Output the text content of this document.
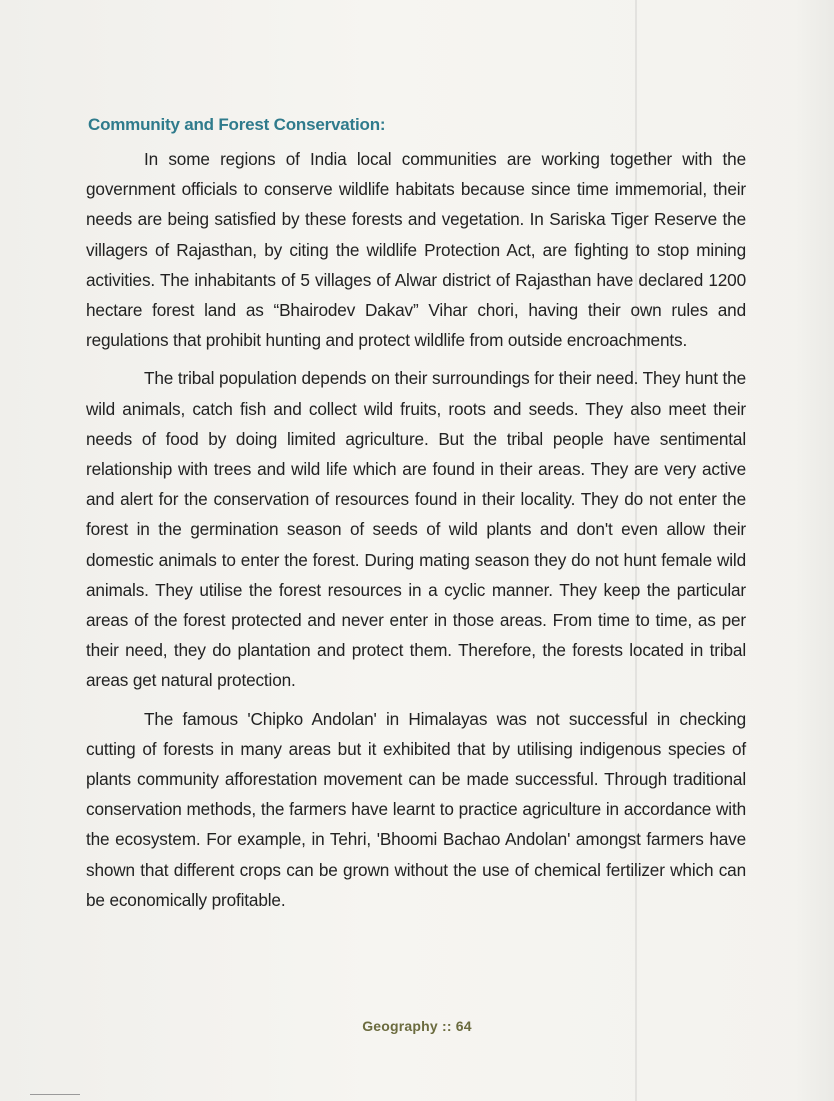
Community and Forest Conservation:

In some regions of India local communities are working together with the government officials to conserve wildlife habitats because since time immemorial, their needs are being satisfied by these forests and vegetation. In Sariska Tiger Reserve the villagers of Rajasthan, by citing the wildlife Protection Act, are fighting to stop mining activities. The inhabitants of 5 villages of Alwar district of Rajasthan have declared 1200 hectare forest land as “Bhairodev Dakav” Vihar chori, having their own rules and regulations that prohibit hunting and protect wildlife from outside encroachments.

The tribal population depends on their surroundings for their need. They hunt the wild animals, catch fish and collect wild fruits, roots and seeds. They also meet their needs of food by doing limited agriculture. But the tribal people have sentimental relationship with trees and wild life which are found in their areas. They are very active and alert for the conservation of resources found in their locality. They do not enter the forest in the germination season of seeds of wild plants and don't even allow their domestic animals to enter the forest. During mating season they do not hunt female wild animals. They utilise the forest resources in a cyclic manner. They keep the particular areas of the forest protected and never enter in those areas. From time to time, as per their need, they do plantation and protect them. Therefore, the forests located in tribal areas get natural protection.

The famous 'Chipko Andolan' in Himalayas was not successful in checking cutting of forests in many areas but it exhibited that by utilising indigenous species of plants community afforestation movement can be made successful. Through traditional conservation methods, the farmers have learnt to practice agriculture in accordance with the ecosystem. For example, in Tehri, 'Bhoomi Bachao Andolan' amongst farmers have shown that different crops can be grown without the use of chemical fertilizer which can be economically profitable.

Geography :: 64
